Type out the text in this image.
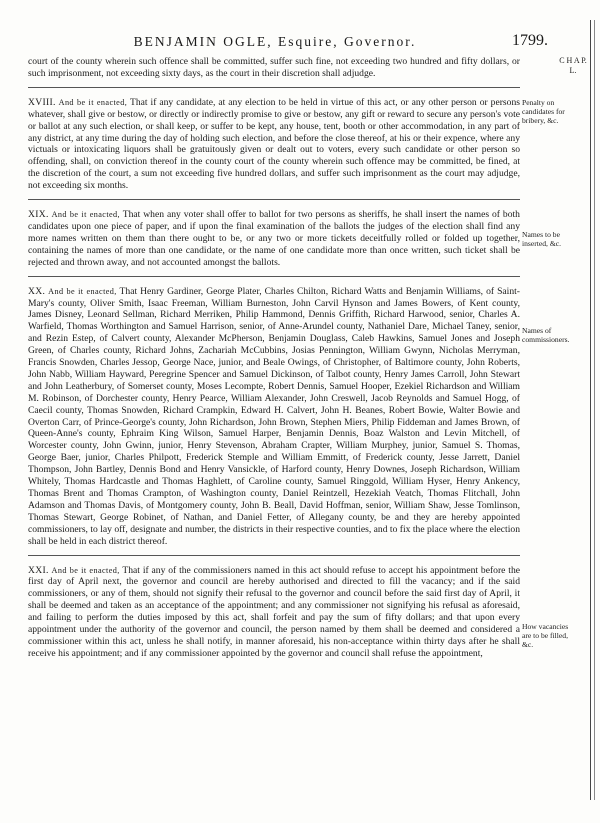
BENJAMIN OGLE, Esquire, Governor.	1799.
C H A P.
L.

court of the county wherein such offence shall be committed, suffer such fine, not exceeding two hundred and fifty dollars, or such imprisonment, not exceeding sixty days, as the court in their discretion shall adjudge.

XVIII. And be it enacted, That if any candidate, at any election to be held in virtue of this act, or any other person or persons whatever, shall give or bestow, or directly or indirectly promise to give or bestow, any gift or reward to secure any person's vote or ballot at any such election, or shall keep, or suffer to be kept, any house, tent, booth or other accommodation, in any part of any district, at any time during the day of holding such election, and before the close thereof, at his or their expence, where any victuals or intoxicating liquors shall be gratuitously given or dealt out to voters, every such candidate or other person so offending, shall, on conviction thereof in the county court of the county wherein such offence may be committed, be fined, at the discretion of the court, a sum not exceeding five hundred dollars, and suffer such imprisonment as the court may adjudge, not exceeding six months.

XIX. And be it enacted, That when any voter shall offer to ballot for two persons as sheriffs, he shall insert the names of both candidates upon one piece of paper, and if upon the final examination of the ballots the judges of the election shall find any more names written on them than there ought to be, or any two or more tickets deceitfully rolled or folded up together, containing the names of more than one candidate, or the name of one candidate more than once written, such ticket shall be rejected and thrown away, and not accounted amongst the ballots.

XX. And be it enacted, That Henry Gardiner, George Plater, Charles Chilton, Richard Watts and Benjamin Williams, of Saint-Mary's county, Oliver Smith, Isaac Freeman, William Burneston, John Carvil Hynson and James Bowers, of Kent county, James Disney, Leonard Sellman, Richard Merriken, Philip Hammond, Dennis Griffith, Richard Harwood, senior, Charles A. Warfield, Thomas Worthington and Samuel Harrison, senior, of Anne-Arundel county, Nathaniel Dare, Michael Taney, senior, and Rezin Estep, of Calvert county, Alexander McPherson, Benjamin Douglass, Caleb Hawkins, Samuel Jones and Joseph Green, of Charles county, Richard Johns, Zachariah McCubbins, Josias Pennington, William Gwynn, Nicholas Merryman, Francis Snowden, Charles Jessop, George Nace, junior, and Beale Owings, of Christopher, of Baltimore county, John Roberts, John Nabb, William Hayward, Peregrine Spencer and Samuel Dickinson, of Talbot county, Henry James Carroll, John Stewart and John Leatherbury, of Somerset county, Moses Lecompte, Robert Dennis, Samuel Hooper, Ezekiel Richardson and William M. Robinson, of Dorchester county, Henry Pearce, William Alexander, John Creswell, Jacob Reynolds and Samuel Hogg, of Caecil county, Thomas Snowden, Richard Crampkin, Edward H. Calvert, John H. Beanes, Robert Bowie, Walter Bowie and Overton Carr, of Prince-George's county, John Richardson, John Brown, Stephen Miers, Philip Fiddeman and James Brown, of Queen-Anne's county, Ephraim King Wilson, Samuel Harper, Benjamin Dennis, Boaz Walston and Levin Mitchell, of Worcester county, John Gwinn, junior, Henry Stevenson, Abraham Crapter, William Murphey, junior, Samuel S. Thomas, George Baer, junior, Charles Philpott, Frederick Stemple and William Emmitt, of Frederick county, Jesse Jarrett, Daniel Thompson, John Bartley, Dennis Bond and Henry Vansickle, of Harford county, Henry Downes, Joseph Richardson, William Whitely, Thomas Hardcastle and Thomas Haghlett, of Caroline county, Samuel Ringgold, William Hyser, Henry Ankency, Thomas Brent and Thomas Crampton, of Washington county, Daniel Reintzell, Hezekiah Veatch, Thomas Flitchall, John Adamson and Thomas Davis, of Montgomery county, John B. Beall, David Hoffman, senior, William Shaw, Jesse Tomlinson, Thomas Stewart, George Robinet, of Nathan, and Daniel Fetter, of Allegany county, be and they are hereby appointed commissioners, to lay off, designate and number, the districts in their respective counties, and to fix the place where the election shall be held in each district thereof.

XXI. And be it enacted, That if any of the commissioners named in this act should refuse to accept his appointment before the first day of April next, the governor and council are hereby authorised and directed to fill the vacancy; and if the said commissioners, or any of them, should not signify their refusal to the governor and council before the said first day of April, it shall be deemed and taken as an acceptance of the appointment; and any commissioner not signifying his refusal as aforesaid, and failing to perform the duties imposed by this act, shall forfeit and pay the sum of fifty dollars; and that upon every appointment under the authority of the governor and council, the person named by them shall be deemed and considered a commissioner within this act, unless he shall notify, in manner aforesaid, his non-acceptance within thirty days after he shall receive his appointment; and if any commissioner appointed by the governor and council shall refuse the appointment,

Penalty on candidates for bribery, &c.
Names to be inserted, &c.
Names of commissioners.
How vacancies are to be filled, &c.
